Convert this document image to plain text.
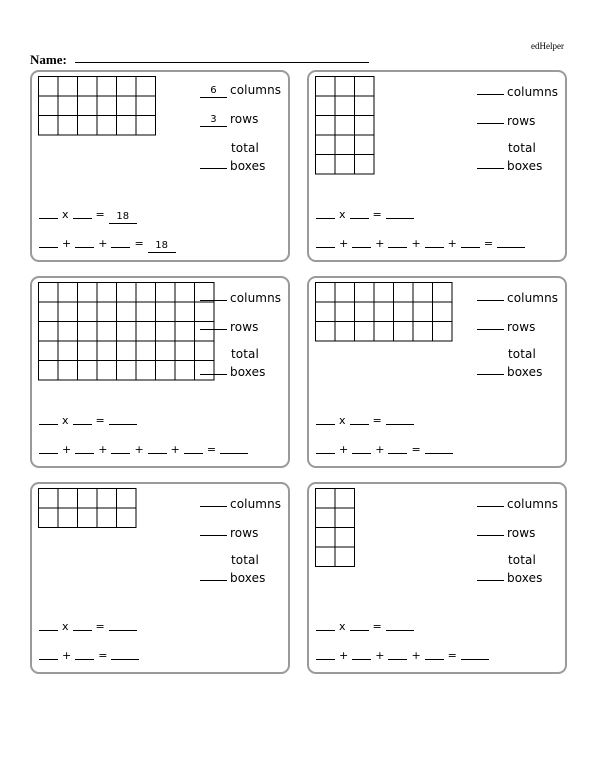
edHelper
Name:
6 columns
3 rows
total
boxes
x = 18
+ + = 18
columns
rows
total
boxes
x =
+ + + + =
columns
rows
total
boxes
x =
+ + + + =
columns
rows
total
boxes
x =
+ + =
columns
rows
total
boxes
x =
+ =
columns
rows
total
boxes
x =
+ + + =
